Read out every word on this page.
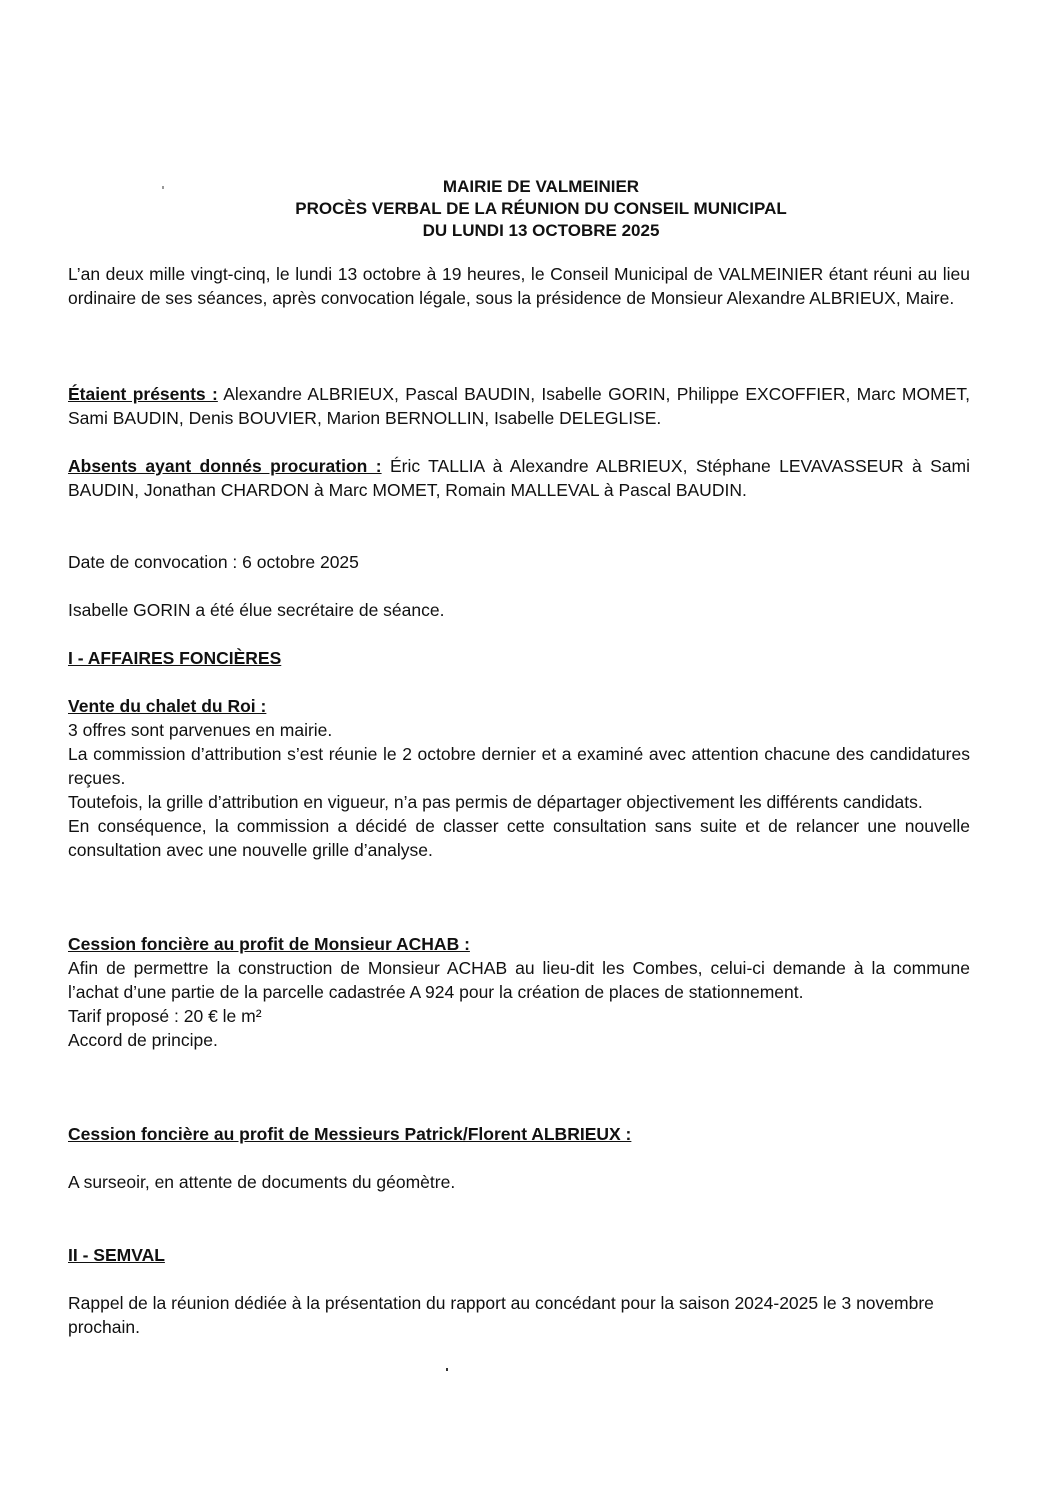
MAIRIE DE VALMEINIER
PROCÈS VERBAL DE LA RÉUNION DU CONSEIL MUNICIPAL
DU LUNDI 13 OCTOBRE 2025

L’an deux mille vingt-cinq, le lundi 13 octobre à 19 heures, le Conseil Municipal de VALMEINIER étant réuni au lieu ordinaire de ses séances, après convocation légale, sous la présidence de Monsieur Alexandre ALBRIEUX, Maire.

Étaient présents : Alexandre ALBRIEUX, Pascal BAUDIN, Isabelle GORIN, Philippe EXCOFFIER, Marc MOMET, Sami BAUDIN, Denis BOUVIER, Marion BERNOLLIN, Isabelle DELEGLISE.
Absents ayant donnés procuration : Éric TALLIA à Alexandre ALBRIEUX, Stéphane LEVAVASSEUR à Sami BAUDIN, Jonathan CHARDON à Marc MOMET, Romain MALLEVAL à Pascal BAUDIN.

Date de convocation : 6 octobre 2025

Isabelle GORIN a été élue secrétaire de séance.

I - AFFAIRES FONCIÈRES

Vente du chalet du Roi :

3 offres sont parvenues en mairie.

La commission d’attribution s’est réunie le 2 octobre dernier et a examiné avec attention chacune des candidatures reçues.

Toutefois, la grille d’attribution en vigueur, n’a pas permis de départager objectivement les différents candidats.

En conséquence, la commission a décidé de classer cette consultation sans suite et de relancer une nouvelle consultation avec une nouvelle grille d’analyse.

Cession foncière au profit de Monsieur ACHAB :

Afin de permettre la construction de Monsieur ACHAB au lieu-dit les Combes, celui-ci demande à la commune l’achat d’une partie de la parcelle cadastrée A 924 pour la création de places de stationnement.

Tarif proposé : 20 € le m²

Accord de principe.

Cession foncière au profit de Messieurs Patrick/Florent ALBRIEUX :

A surseoir, en attente de documents du géomètre.

II - SEMVAL

Rappel de la réunion dédiée à la présentation du rapport au concédant pour la saison 2024-2025 le 3 novembre prochain.
